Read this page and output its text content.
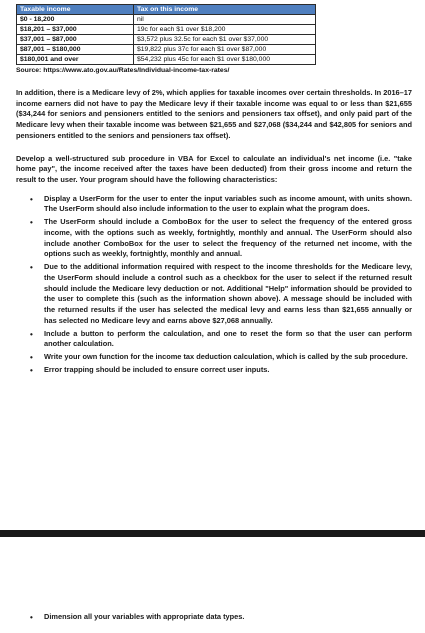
Taxable income	Tax on this income
$0 - 18,200	nil
$18,201 – $37,000	19c for each $1 over $18,200
$37,001 – $87,000	$3,572 plus 32.5c for each $1 over $37,000
$87,001 – $180,000	$19,822 plus 37c for each $1 over $87,000
$180,001 and over	$54,232 plus 45c for each $1 over $180,000
Source: https://www.ato.gov.au/Rates/Individual-income-tax-rates/

In addition, there is a Medicare levy of 2%, which applies for taxable incomes over certain thresholds. In 2016–17 income earners did not have to pay the Medicare levy if their taxable income was equal to or less than $21,655 ($34,244 for seniors and pensioners entitled to the seniors and pensioners tax offset), and only paid part of the Medicare levy when their taxable income was between $21,655 and $27,068 ($34,244 and $42,805 for seniors and pensioners entitled to the seniors and pensioners tax offset).

Develop a well-structured sub procedure in VBA for Excel to calculate an individual's net income (i.e. "take home pay", the income received after the taxes have been deducted) from their gross income and return the result to the user. Your program should have the following characteristics:

• Display a UserForm for the user to enter the input variables such as income amount, with units shown. The UserForm should also include information to the user to explain what the program does.
• The UserForm should include a ComboBox for the user to select the frequency of the entered gross income, with the options such as weekly, fortnightly, monthly and annual. The UserForm should also include another ComboBox for the user to select the frequency of the returned net income, with the options such as weekly, fortnightly, monthly and annual.
• Due to the additional information required with respect to the income thresholds for the Medicare levy, the UserForm should include a control such as a checkbox for the user to select if the returned result should include the Medicare levy deduction or not. Additional "Help" information should be provided to the user to complete this (such as the information shown above). A message should be included with the returned results if the user has selected the medical levy and earns less than $21,655 annually or has selected no Medicare levy and earns above $27,068 annually.
• Include a button to perform the calculation, and one to reset the form so that the user can perform another calculation.
• Write your own function for the income tax deduction calculation, which is called by the sub procedure.
• Error trapping should be included to ensure correct user inputs.
• Dimension all your variables with appropriate data types.
